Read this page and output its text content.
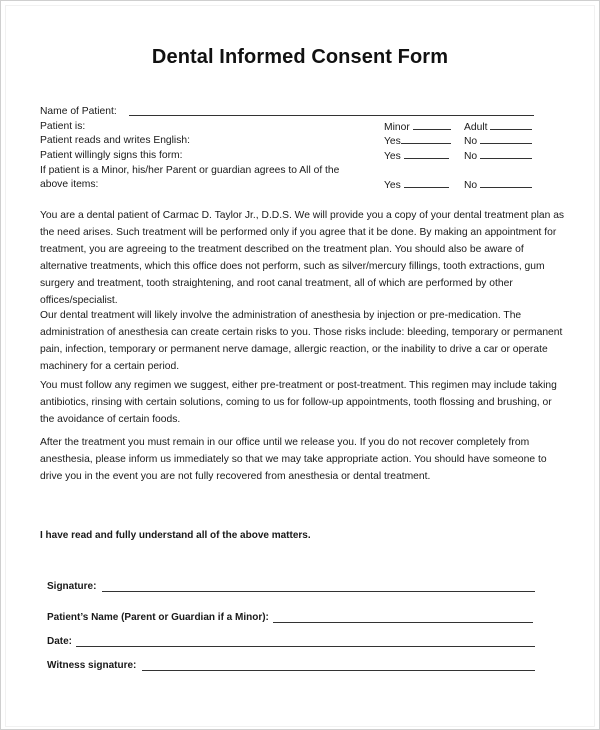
Dental Informed Consent Form
Name of Patient:
Patient is:	Minor	Adult
Patient reads and writes English:	Yes	No
Patient willingly signs this form:	Yes	No
If patient is a Minor, his/her Parent or guardian agrees to All of the above items:	Yes	No

You are a dental patient of Carmac D. Taylor Jr., D.D.S. We will provide you a copy of your dental treatment plan as the need arises. Such treatment will be performed only if you agree that it be done. By making an appointment for treatment, you are agreeing to the treatment described on the treatment plan. You should also be aware of alternative treatments, which this office does not perform, such as silver/mercury fillings, tooth extractions, gum surgery and treatment, tooth straightening, and root canal treatment, all of which are performed by other offices/specialist.

Our dental treatment will likely involve the administration of anesthesia by injection or pre-medication. The administration of anesthesia can create certain risks to you. Those risks include: bleeding, temporary or permanent pain, infection, temporary or permanent nerve damage, allergic reaction, or the inability to drive a car or operate machinery for a certain period.

You must follow any regimen we suggest, either pre-treatment or post-treatment. This regimen may include taking antibiotics, rinsing with certain solutions, coming to us for follow-up appointments, tooth flossing and brushing, or the avoidance of certain foods.

After the treatment you must remain in our office until we release you. If you do not recover completely from anesthesia, please inform us immediately so that we may take appropriate action. You should have someone to drive you in the event you are not fully recovered from anesthesia or dental treatment.

I have read and fully understand all of the above matters.
Signature:
Patient’s Name (Parent or Guardian if a Minor):
Date:
Witness signature:
